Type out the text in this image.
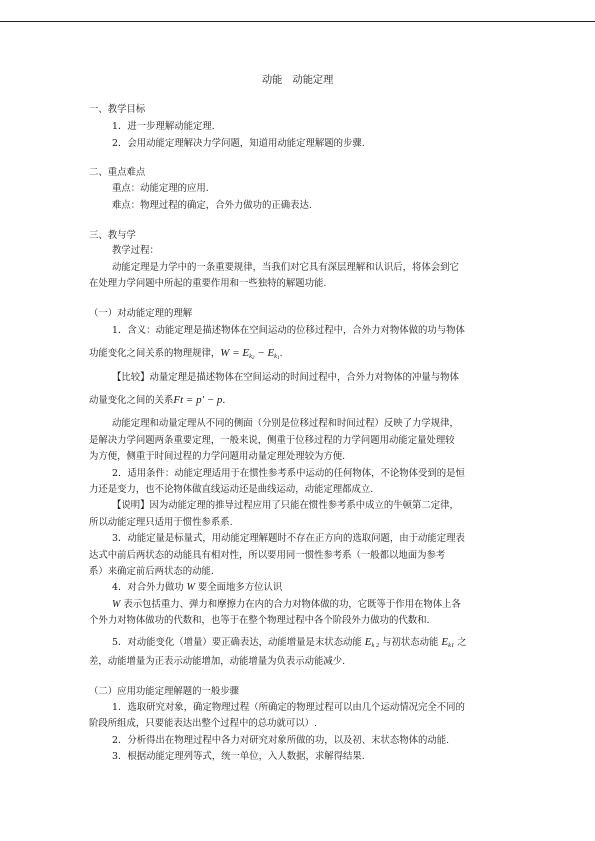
动能　动能定理
一、教学目标
1．进一步理解动能定理.
2．会用动能定理解决力学问题，知道用动能定理解题的步骤.
二、重点难点
重点：动能定理的应用.
难点：物理过程的确定，合外力做功的正确表达.
三、教与学
教学过程：
动能定理是力学中的一条重要规律，当我们对它具有深层理解和认识后，将体会到它
在处理力学问题中所起的重要作用和一些独特的解题功能.
（一）对动能定理的理解
1．含义：动能定理是描述物体在空间运动的位移过程中，合外力对物体做的功与物体
功能变化之间关系的物理规律，$W = E_{k_2} - E_{k_1}$.
【比较】动量定理是描述物体在空间运动的时间过程中，合外力对物体的冲量与物体
动量变化之间的关系Ft = p′ − p.
动能定理和动量定理从不同的侧面（分别是位移过程和时间过程）反映了力学规律，
是解决力学问题两条重要定理，一般来说，侧重于位移过程的力学问题用动能定量处理较
为方便，侧重于时间过程的力学问题用动量定理处理较为方便.
2．适用条件：动能定理适用于在惯性参考系中运动的任何物体，不论物体受到的是恒
力还是变力，也不论物体做直线运动还是曲线运动，动能定理都成立.
【说明】因为动能定理的推导过程应用了只能在惯性参考系中成立的牛顿第二定律，
所以动能定理只适用于惯性参系系.
3．动能定量是标量式，用动能定理解题时不存在正方向的选取问题，由于动能定理表
达式中前后两状态的动能具有相对性，所以要用同一惯性参考系（一般都以地面为参考
系）来确定前后两状态的动能.
4．对合外力做功 W 要全面地多方位认识
W 表示包括重力、弹力和摩擦力在内的合力对物体做的功，它既等于作用在物体上各
个外力对物体做功的代数和，也等于在整个物理过程中各个阶段外力做功的代数和.
5．对动能变化（增量）要正确表达，动能增量是末状态动能 $E_{k 2}$ 与初状态动能 $E_{k1}$ 之
差，动能增量为正表示动能增加，动能增量为负表示动能减少.
（二）应用功能定理解题的一般步骤
1．选取研究对象，确定物理过程（所确定的物理过程可以由几个运动情况完全不同的
阶段所组成，只要能表达出整个过程中的总功就可以）.
2．分析得出在物理过程中各力对研究对象所做的功，以及初、末状态物体的动能.
3．根据动能定理列等式，统一单位，入人数据，求解得结果.
